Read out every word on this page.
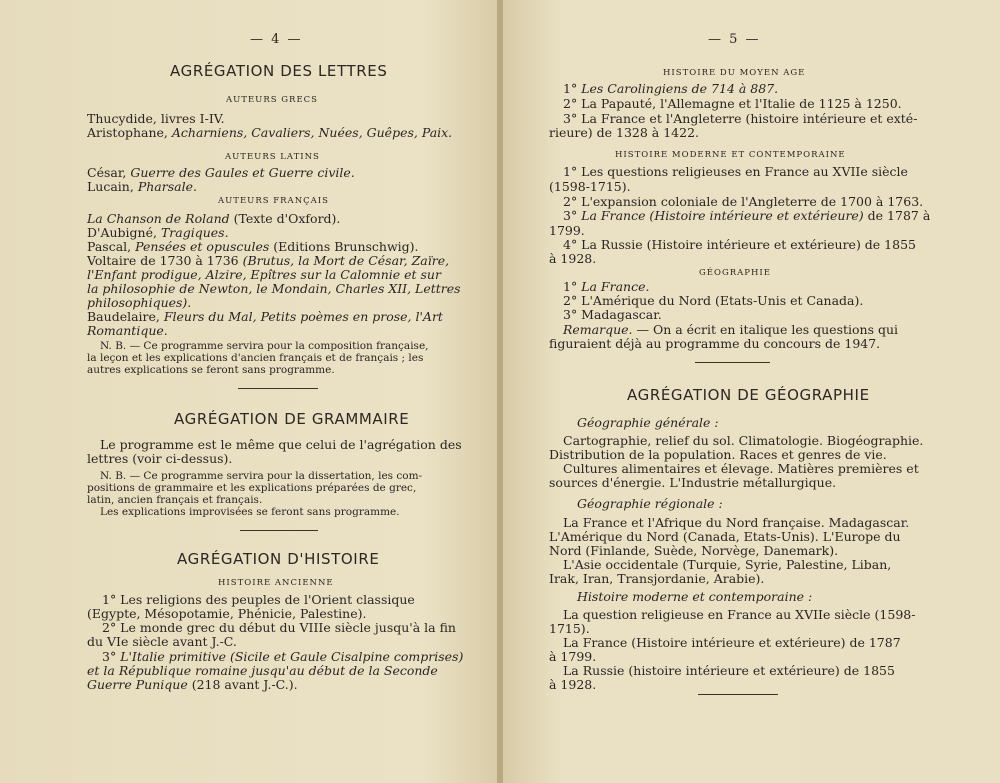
— 4 —
AGRÉGATION DES LETTRES
AUTEURS GRECS
Thucydide, livres I-IV.
Aristophane, Acharniens, Cavaliers, Nuées, Guêpes, Paix.
AUTEURS LATINS
César, Guerre des Gaules et Guerre civile.
Lucain, Pharsale.
AUTEURS FRANÇAIS
La Chanson de Roland (Texte d'Oxford).
D'Aubigné, Tragiques.
Pascal, Pensées et opuscules (Editions Brunschwig).
Voltaire de 1730 à 1736 (Brutus, la Mort de César, Zaïre,
l'Enfant prodigue, Alzire, Epîtres sur la Calomnie et sur
la philosophie de Newton, le Mondain, Charles XII, Lettres
philosophiques).
Baudelaire, Fleurs du Mal, Petits poèmes en prose, l'Art
Romantique.
N. B. — Ce programme servira pour la composition française,
la leçon et les explications d'ancien français et de français ; les
autres explications se feront sans programme.
AGRÉGATION DE GRAMMAIRE
Le programme est le même que celui de l'agrégation des
lettres (voir ci-dessus).
N. B. — Ce programme servira pour la dissertation, les com-
positions de grammaire et les explications préparées de grec,
latin, ancien français et français.
Les explications improvisées se feront sans programme.
AGRÉGATION D'HISTOIRE
HISTOIRE ANCIENNE
1° Les religions des peuples de l'Orient classique
(Egypte, Mésopotamie, Phénicie, Palestine).
2° Le monde grec du début du VIIIe siècle jusqu'à la fin
du VIe siècle avant J.-C.
3° L'Italie primitive (Sicile et Gaule Cisalpine comprises)
et la République romaine jusqu'au début de la Seconde
Guerre Punique (218 avant J.-C.).
— 5 —
HISTOIRE DU MOYEN AGE
1° Les Carolingiens de 714 à 887.
2° La Papauté, l'Allemagne et l'Italie de 1125 à 1250.
3° La France et l'Angleterre (histoire intérieure et exté-
rieure) de 1328 à 1422.
HISTOIRE MODERNE ET CONTEMPORAINE
1° Les questions religieuses en France au XVIIe siècle
(1598-1715).
2° L'expansion coloniale de l'Angleterre de 1700 à 1763.
3° La France (Histoire intérieure et extérieure) de 1787 à
1799.
4° La Russie (Histoire intérieure et extérieure) de 1855
à 1928.
GÉOGRAPHIE
1° La France.
2° L'Amérique du Nord (Etats-Unis et Canada).
3° Madagascar.
Remarque. — On a écrit en italique les questions qui
figuraient déjà au programme du concours de 1947.
AGRÉGATION DE GÉOGRAPHIE
Géographie générale :
Cartographie, relief du sol. Climatologie. Biogéographie.
Distribution de la population. Races et genres de vie.
Cultures alimentaires et élevage. Matières premières et
sources d'énergie. L'Industrie métallurgique.
Géographie régionale :
La France et l'Afrique du Nord française. Madagascar.
L'Amérique du Nord (Canada, Etats-Unis). L'Europe du
Nord (Finlande, Suède, Norvège, Danemark).
L'Asie occidentale (Turquie, Syrie, Palestine, Liban,
Irak, Iran, Transjordanie, Arabie).
Histoire moderne et contemporaine :
La question religieuse en France au XVIIe siècle (1598-
1715).
La France (Histoire intérieure et extérieure) de 1787
à 1799.
La Russie (histoire intérieure et extérieure) de 1855
à 1928.
